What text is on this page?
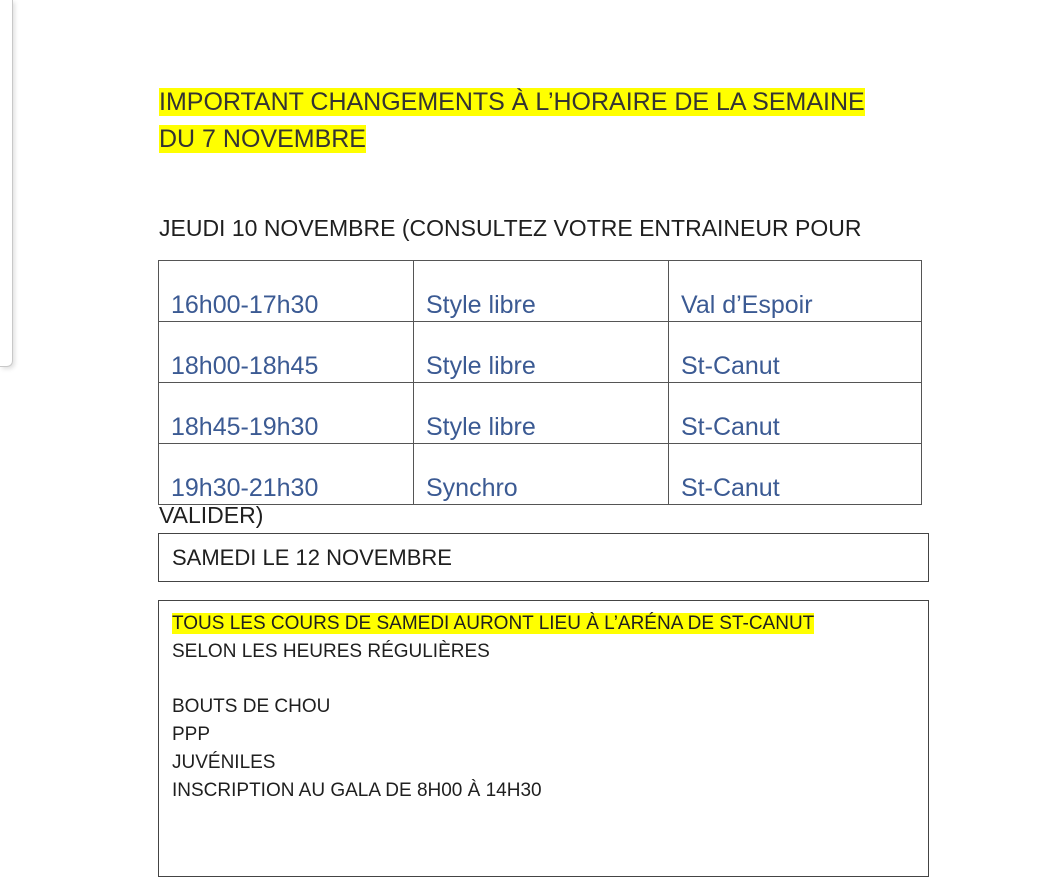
IMPORTANT CHANGEMENTS À L’HORAIRE DE LA SEMAINE
DU 7 NOVEMBRE
JEUDI 10 NOVEMBRE (CONSULTEZ VOTRE ENTRAINEUR POUR
16h00-17h30	Style libre	Val d’Espoir
18h00-18h45	Style libre	St-Canut
18h45-19h30	Style libre	St-Canut
19h30-21h30	Synchro	St-Canut
VALIDER)
SAMEDI LE 12 NOVEMBRE
TOUS LES COURS DE SAMEDI AURONT LIEU À L’ARÉNA DE ST-CANUT
SELON LES HEURES RÉGULIÈRES
BOUTS DE CHOU
PPP
JUVÉNILES
INSCRIPTION AU GALA DE 8H00 À 14H30
